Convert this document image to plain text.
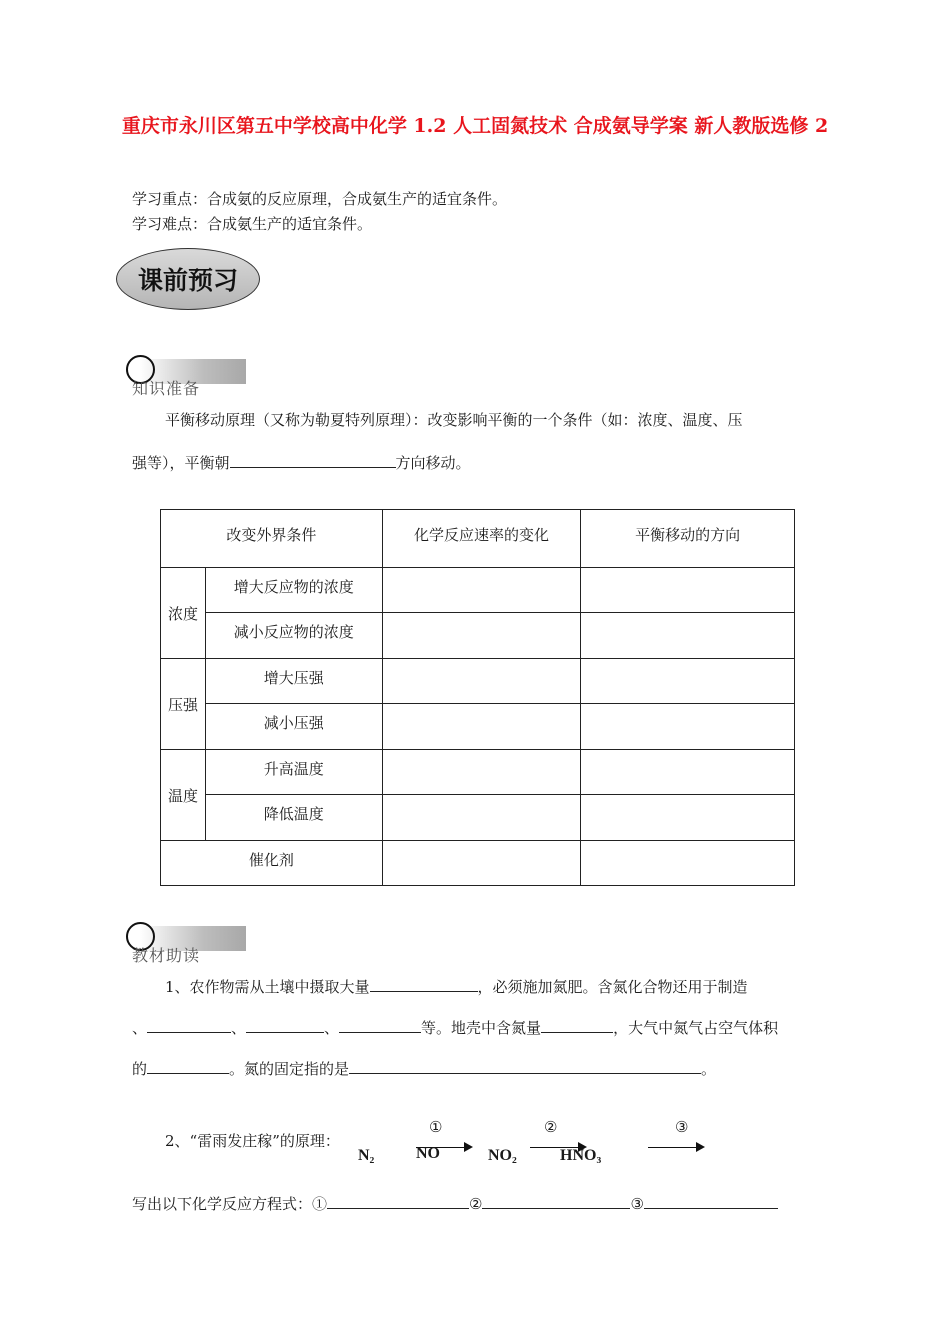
重庆市永川区第五中学校高中化学 1.2 人工固氮技术 合成氨导学案 新人教版选修 2
学习重点：合成氨的反应原理，合成氨生产的适宜条件。
学习难点：合成氨生产的适宜条件。
课前预习
知识准备
平衡移动原理（又称为勒夏特列原理）：改变影响平衡的一个条件（如：浓度、温度、压
强等），平衡朝	方向移动。
改变外界条件		化学反应速率的变化	平衡移动的方向
浓度	增大反应物的浓度		
	减小反应物的浓度		
压强	增大压强		
	减小压强		
温度	升高温度		
	降低温度		
催化剂			
教材助读
1、农作物需从土壤中摄取大量	，必须施加氮肥。含氮化合物还用于制造
、	、	、	等。地壳中含氮量	，大气中氮气占空气体积
的	。氮的固定指的是	。
2、“雷雨发庄稼”的原理：
①	②	③
N₂	NO	NO₂	HNO₃
写出以下化学反应方程式：①	②	③
